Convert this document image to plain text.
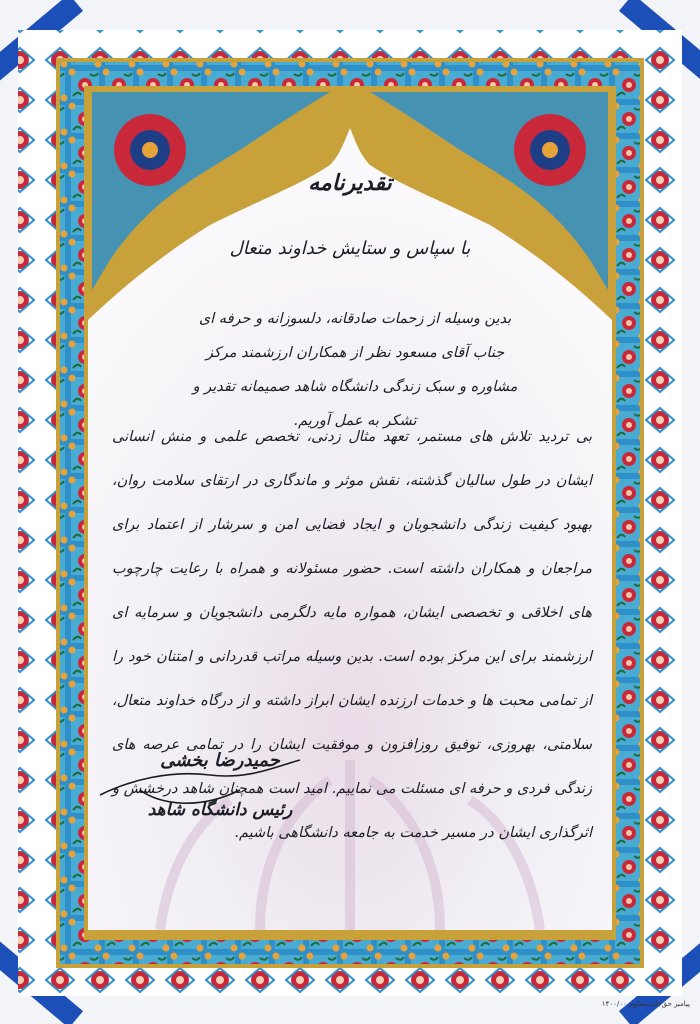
تقدیرنامه
با سپاس و ستایش خداوند متعال
بدین وسیله از زحمات صادقانه، دلسوزانه و حرفه ای جناب آقای مسعود نظر از همکاران ارزشمند مرکز مشاوره و سبک زندگی دانشگاه شاهد صمیمانه تقدیر و تشکر به عمل آوریم.
بی تردید تلاش های مستمر، تعهد مثال زدنی، تخصص علمی و منش انسانی ایشان در طول سالیان گذشته، نقش موثر و ماندگاری در ارتقای سلامت روان، بهبود کیفیت زندگی دانشجویان و ایجاد فضایی امن و سرشار از اعتماد برای مراجعان و همکاران داشته است. حضور مسئولانه و همراه با رعایت چارچوب های اخلاقی و تخصصی ایشان، همواره مایه دلگرمی دانشجویان و سرمایه ای ارزشمند برای این مرکز بوده است. بدین وسیله مراتب قدردانی و امتنان خود را از تمامی محبت ها و خدمات ارزنده ایشان ابراز داشته و از درگاه خداوند متعال، سلامتی، بهروزی، توفیق روزافزون و موفقیت ایشان را در تمامی عرصه های زندگی فردی و حرفه ای مسئلت می نماییم. امید است همچنان شاهد درخشش و اثرگذاری ایشان در مسیر خدمت به جامعه دانشگاهی باشیم.
حمیدرضا بخشی
رئیس دانشگاه شاهد
پیامبر حق‌جانب‌معلوم ۱۴۰۰/۰۰
